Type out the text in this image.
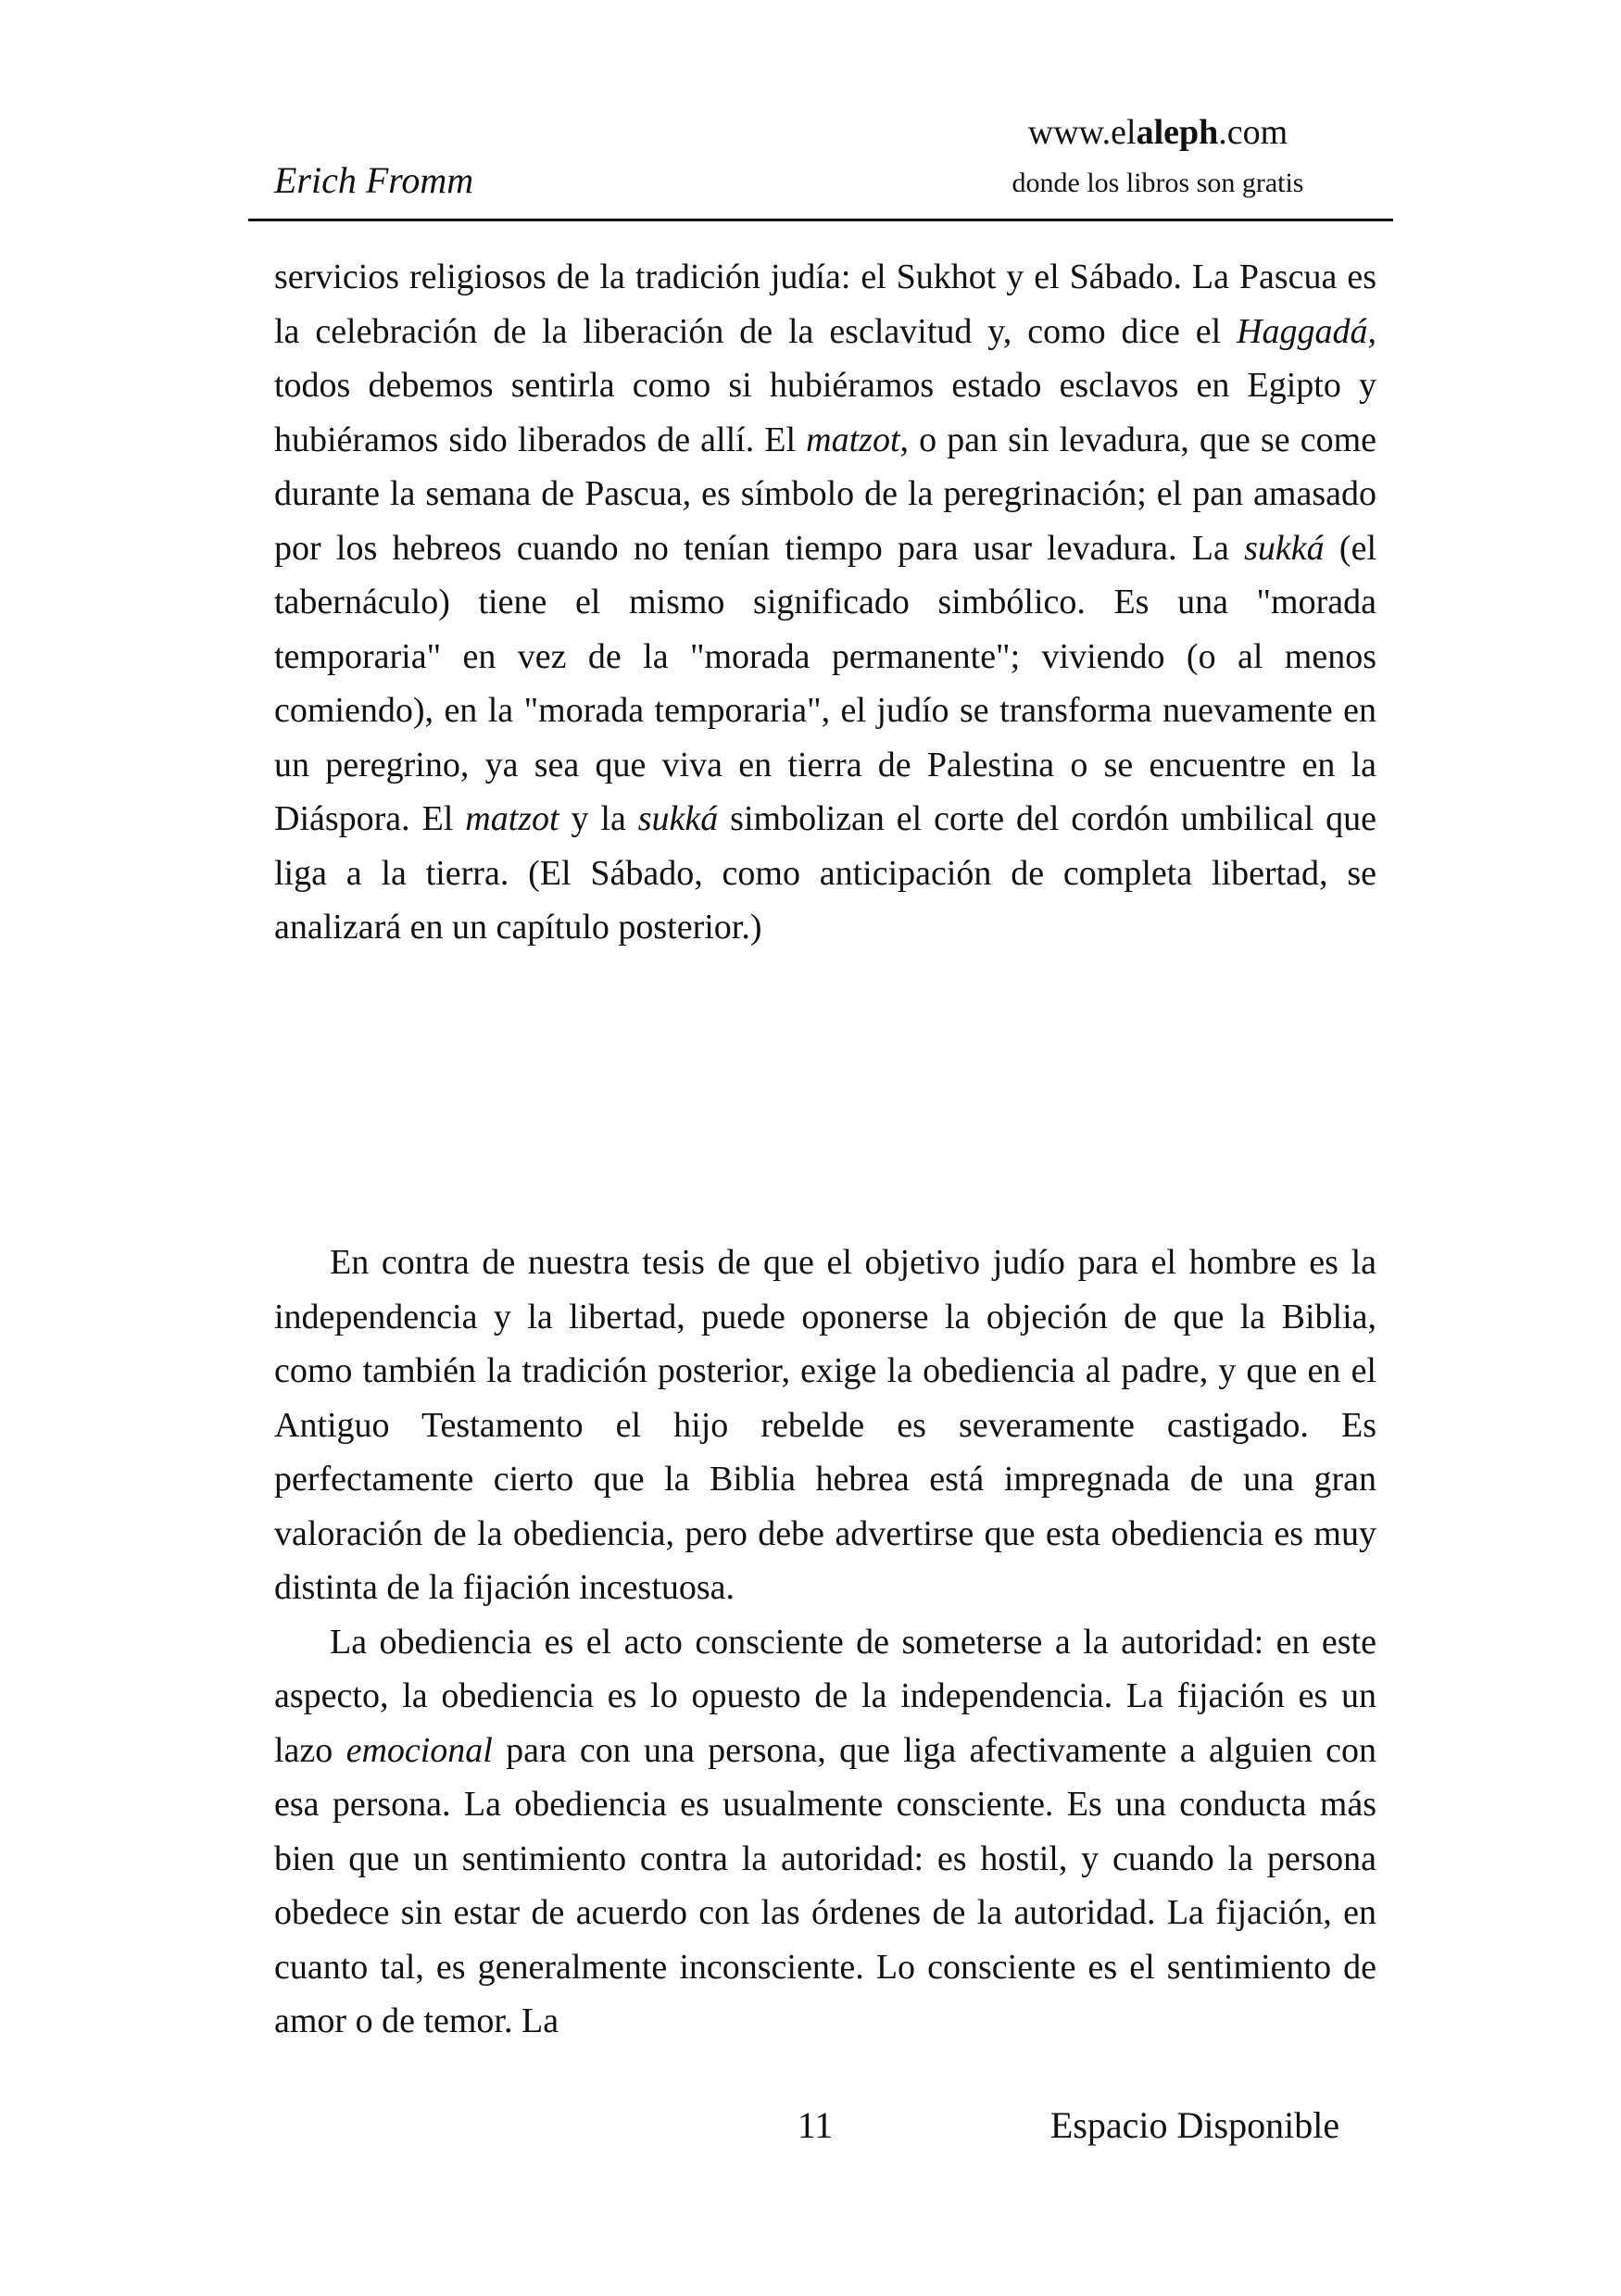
www.elaleph.com
Erich Fromm	donde los libros son gratis

servicios religiosos de la tradición judía: el Sukhot y el Sábado. La Pascua es la celebración de la liberación de la esclavitud y, como dice el Haggadá, todos debemos sentirla como si hubiéramos estado esclavos en Egipto y hubiéramos sido liberados de allí. El matzot, o pan sin levadura, que se come durante la semana de Pascua, es símbolo de la peregrinación; el pan amasado por los hebreos cuando no tenían tiempo para usar levadura. La sukká (el tabernáculo) tiene el mismo significado simbólico. Es una "morada temporaria" en vez de la "morada permanente"; viviendo (o al menos comiendo), en la "morada temporaria", el judío se transforma nuevamente en un peregrino, ya sea que viva en tierra de Palestina o se encuentre en la Diáspora. El matzot y la sukká simbolizan el corte del cordón umbilical que liga a la tierra. (El Sábado, como anticipación de completa libertad, se analizará en un capítulo posterior.)

En contra de nuestra tesis de que el objetivo judío para el hombre es la independencia y la libertad, puede oponerse la objeción de que la Biblia, como también la tradición posterior, exige la obediencia al padre, y que en el Antiguo Testamento el hijo rebelde es severamente castigado. Es perfectamente cierto que la Biblia hebrea está impregnada de una gran valoración de la obediencia, pero debe advertirse que esta obediencia es muy distinta de la fijación incestuosa.

La obediencia es el acto consciente de someterse a la autoridad: en este aspecto, la obediencia es lo opuesto de la independencia. La fijación es un lazo emocional para con una persona, que liga afectivamente a alguien con esa persona. La obediencia es usualmente consciente. Es una conducta más bien que un sentimiento contra la autoridad: es hostil, y cuando la persona obedece sin estar de acuerdo con las órdenes de la autoridad. La fijación, en cuanto tal, es generalmente inconsciente. Lo consciente es el sentimiento de amor o de temor. La

11	Espacio Disponible
